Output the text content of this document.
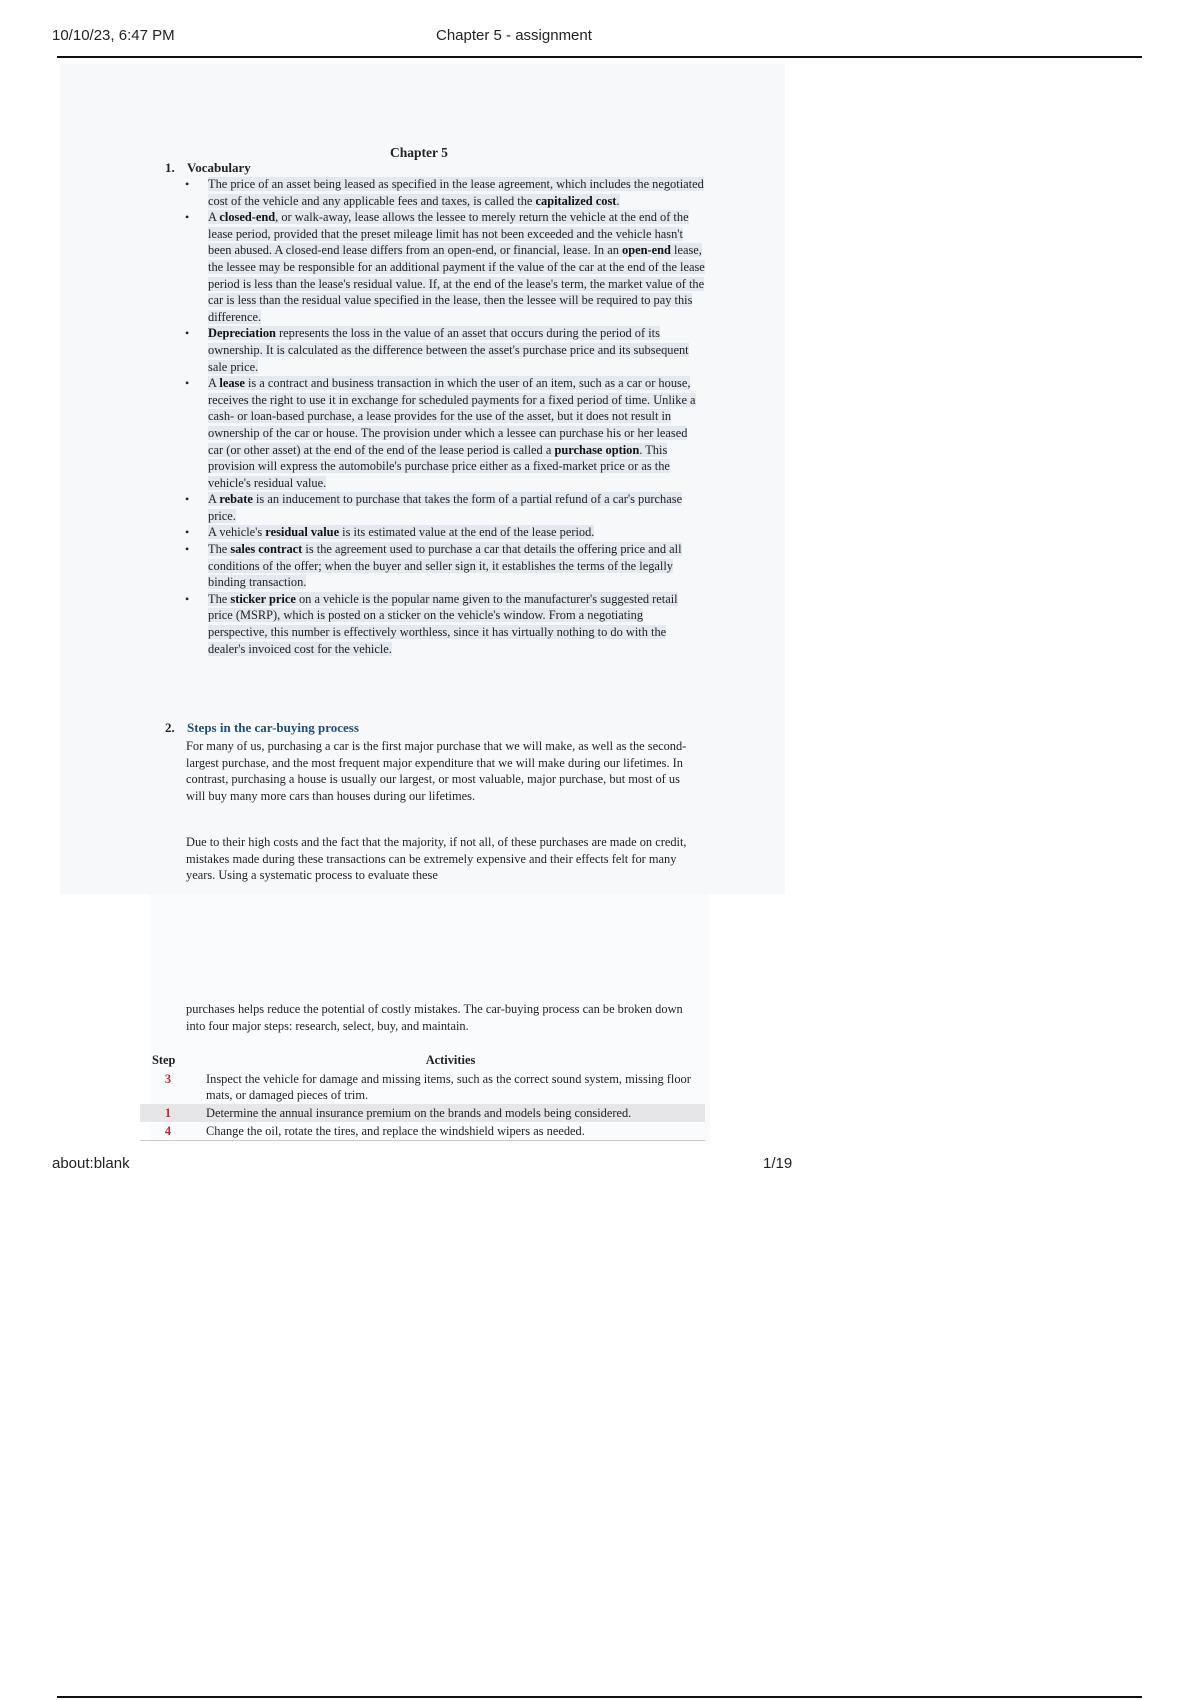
10/10/23, 6:47 PM	Chapter 5 - assignment
Chapter 5
1. Vocabulary
• The price of an asset being leased as specified in the lease agreement, which includes the negotiated cost of the vehicle and any applicable fees and taxes, is called the capitalized cost.
• A closed-end, or walk-away, lease allows the lessee to merely return the vehicle at the end of the lease period, provided that the preset mileage limit has not been exceeded and the vehicle hasn't been abused. A closed-end lease differs from an open-end, or financial, lease. In an open-end lease, the lessee may be responsible for an additional payment if the value of the car at the end of the lease period is less than the lease's residual value. If, at the end of the lease's term, the market value of the car is less than the residual value specified in the lease, then the lessee will be required to pay this difference.
• Depreciation represents the loss in the value of an asset that occurs during the period of its ownership. It is calculated as the difference between the asset's purchase price and its subsequent sale price.
• A lease is a contract and business transaction in which the user of an item, such as a car or house, receives the right to use it in exchange for scheduled payments for a fixed period of time. Unlike a cash- or loan-based purchase, a lease provides for the use of the asset, but it does not result in ownership of the car or house. The provision under which a lessee can purchase his or her leased car (or other asset) at the end of the end of the lease period is called a purchase option. This provision will express the automobile's purchase price either as a fixed-market price or as the vehicle's residual value.
• A rebate is an inducement to purchase that takes the form of a partial refund of a car's purchase price.
• A vehicle's residual value is its estimated value at the end of the lease period.
• The sales contract is the agreement used to purchase a car that details the offering price and all conditions of the offer; when the buyer and seller sign it, it establishes the terms of the legally binding transaction.
• The sticker price on a vehicle is the popular name given to the manufacturer's suggested retail price (MSRP), which is posted on a sticker on the vehicle's window. From a negotiating perspective, this number is effectively worthless, since it has virtually nothing to do with the dealer's invoiced cost for the vehicle.
2. Steps in the car-buying process
For many of us, purchasing a car is the first major purchase that we will make, as well as the second-largest purchase, and the most frequent major expenditure that we will make during our lifetimes. In contrast, purchasing a house is usually our largest, or most valuable, major purchase, but most of us will buy many more cars than houses during our lifetimes.
Due to their high costs and the fact that the majority, if not all, of these purchases are made on credit, mistakes made during these transactions can be extremely expensive and their effects felt for many years. Using a systematic process to evaluate these
purchases helps reduce the potential of costly mistakes. The car-buying process can be broken down into four major steps: research, select, buy, and maintain.
Step	Activities
3	Inspect the vehicle for damage and missing items, such as the correct sound system, missing floor mats, or damaged pieces of trim.
1	Determine the annual insurance premium on the brands and models being considered.
4	Change the oil, rotate the tires, and replace the windshield wipers as needed.
about:blank	1/19
